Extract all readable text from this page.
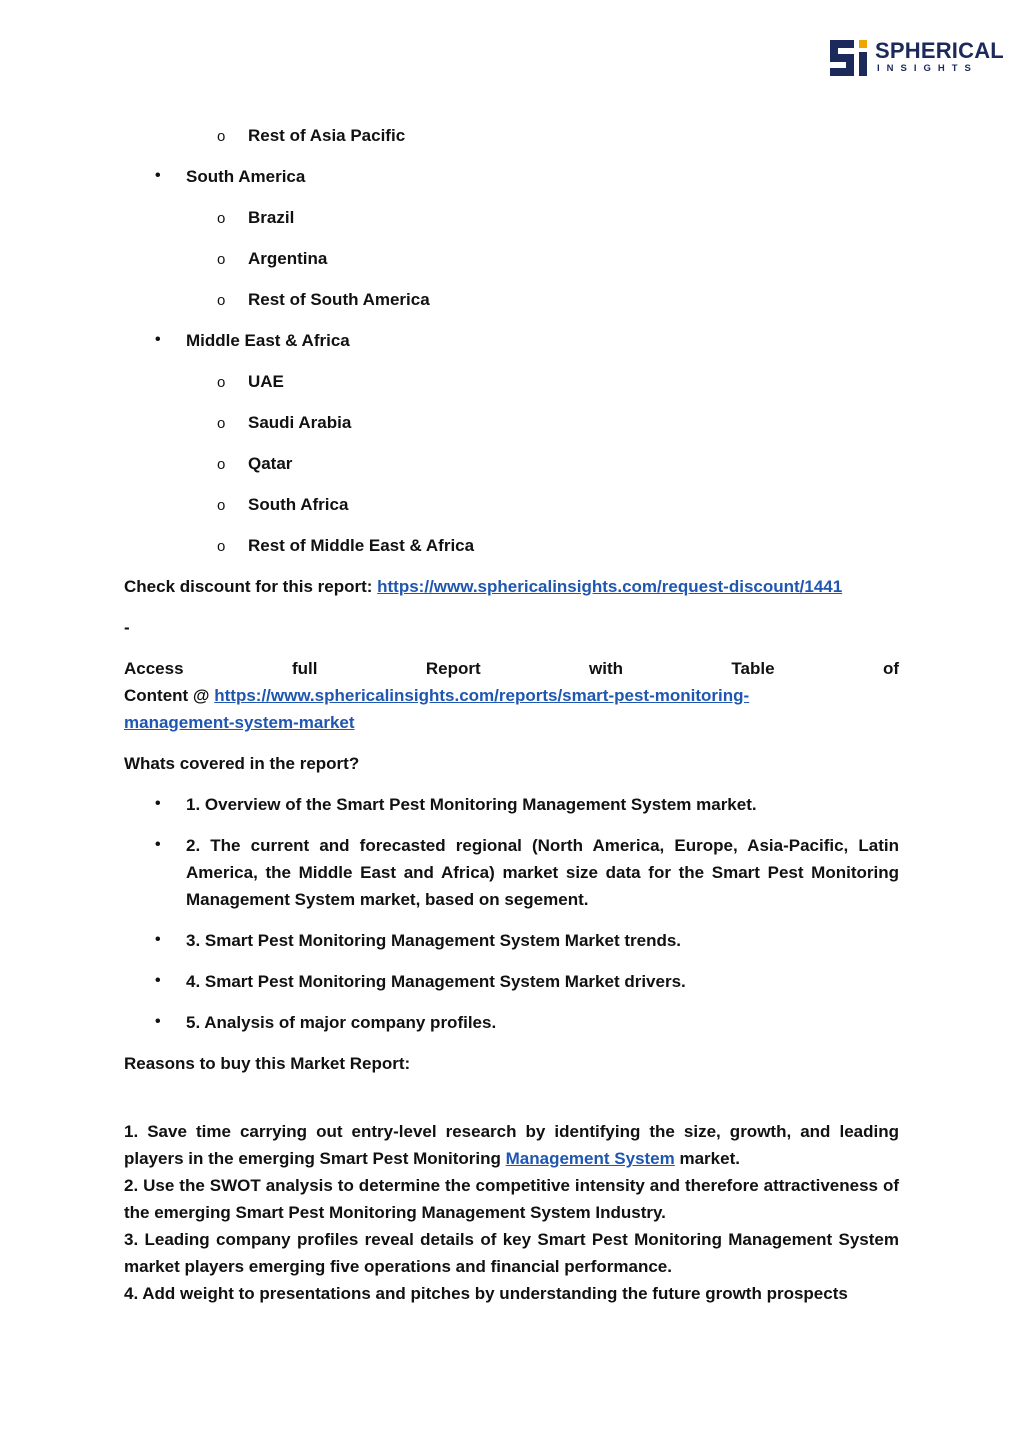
SPHERICAL
INSIGHTS
o Rest of Asia Pacific
• South America
o Brazil
o Argentina
o Rest of South America
• Middle East & Africa
o UAE
o Saudi Arabia
o Qatar
o South Africa
o Rest of Middle East & Africa
Check discount for this report: https://www.sphericalinsights.com/request-discount/1441
-
Access	full	Report	with	Table	of
Content @ https://www.sphericalinsights.com/reports/smart-pest-monitoring-
management-system-market
Whats covered in the report?
• 1. Overview of the Smart Pest Monitoring Management System market.
• 2. The current and forecasted regional (North America, Europe, Asia-Pacific, Latin America, the Middle East and Africa) market size data for the Smart Pest Monitoring Management System market, based on segement.
• 3. Smart Pest Monitoring Management System Market trends.
• 4. Smart Pest Monitoring Management System Market drivers.
• 5. Analysis of major company profiles.
Reasons to buy this Market Report:
1. Save time carrying out entry-level research by identifying the size, growth, and leading players in the emerging Smart Pest Monitoring Management System market.
2. Use the SWOT analysis to determine the competitive intensity and therefore attractiveness of the emerging Smart Pest Monitoring Management System Industry.
3. Leading company profiles reveal details of key Smart Pest Monitoring Management System market players emerging five operations and financial performance.
4. Add weight to presentations and pitches by understanding the future growth prospects
